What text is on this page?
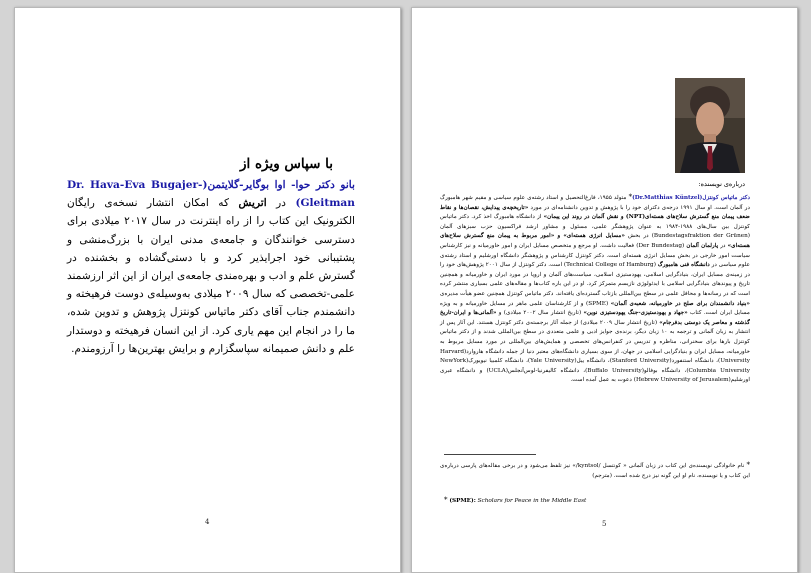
با سپاس ویژه از
بانو دکتر حوا- اوا بوگایر-گلایتمن(Dr. Hava-Eva Bugajer-Gleitman) در اتریش که امکان انتشار نسخه‌ی رایگان الکترونیک این کتاب را از راه اینترنت در سال ۲۰۱۷ میلادی برای دسترسی خوانندگان و جامعه‌ی مدنی ایران با بزرگ‌منشی و پشتیبانی خود اجرایذیر کرد و با دستی‌گشاده و بخشنده در گسترش علم و ادب و بهره‌مندی جامعه‌ی ایران از این اثر ارزشمند علمی-تخصصی که سال ۲۰۰۹ میلادی به‌وسیله‌ی دوست فرهیخته و دانشمندم جناب آقای دکتر ماتیاس کونتزل پژوهش و تدوین شده، ما را در انجام این مهم یاری کرد. از این انسان فرهیخته و دوستدار علم و دانش صمیمانه سپاسگزارم و برایش بهترین‌ها را آرزومندم.
4
درباره‌ی نویسنده:
دکتر ماتیاس کونتزل(Dr.Matthias Küntzel)* متولد ۱۹۵۵، فارغ‌التحصیل و استاد رشته‌ی علوم سیاسی و مقیم شهر هامبورگ در آلمان است. او سال ۱۹۹۱ درجه‌ی دکترای خود را با پژوهش و تدوین دانشنامه‌ای در مورد «تاریخچه‌ی پیدایش، نقصان‌ها و نقاط ضعف پیمان منع گسترش سلاح‌های هسته‌ای(NPT) و نقش آلمان در روند این پیمان» از دانشگاه هامبورگ اخذ کرد. دکتر ماتیاس کونتزل بین سال‌های ۱۹۸۸-۱۹۸۴ به عنوان پژوهشگر علمی، مسئول و مشاور ارشد فراکسیون حزب سبزهای آلمان (Bundestagsfraktion der Grünen) در بخش «مسایل انرژی هسته‌ای» و «امور مربوط به پیمان منع گسترش سلاح‌های هسته‌ای» در پارلمان آلمان (Der Bundestag) فعالیت داشت. او مرجع و متخصص مسایل ایران و امور خاورمیانه و نیز کارشناس سیاست امور خارجی در بخش مسایل انرژی هسته‌ای است. دکتر کونتزل کارشناس و پژوهشگر دانشگاه اورشلیم و استاد رشته‌ی علوم سیاسی در دانشگاه فنی هامبورگ (Technical College of Hamburg) است. دکتر کونتزل از سال ۲۰۰۱ پژوهش‌های خود را در زمینه‌ی مسایل ایران، بنیادگرایی اسلامی، یهودستیزی اسلامی، سیاست‌های آلمان و اروپا در مورد ایران و خاورمیانه و همچنین تاریخ و پیوندهای بنیادگرایی اسلامی با ایدئولوژی نازیسم متمرکز کرد. او در این باره کتاب‌ها و مقاله‌های علمی بسیاری منتشر کرده است که در رسانه‌ها و محافل علمی در سطح بین‌المللی بازتاب گسترده‌ای یافته‌اند. دکتر ماتیاس کونتزل همچنین عضو هیأت مدیره‌ی «بنیاد دانشمندان برای صلح در خاورمیانه، شعبه‌ی آلمان» (SPME) و از کارشناسان علمی ماهر در مسایل خاورمیانه و به ویژه مسایل ایران است. کتاب «جهاد و یهودستیزی-جنگ یهودستیزی نوین» (تاریخ انتشار سال ۲۰۰۲ میلادی) و «آلمانی‌ها و ایران-تاریخ گذشته و معاصر یک دوستی بدفرجام» (تاریخ انتشار سال ۲۰۰۹ میلادی) از جمله آثار برجسته‌ی دکتر کونتزل هستند. این آثار پس از انتشار به زبان آلمانی و ترجمه به ۱۰ زبان دیگر، برنده‌ی جوایز ادبی و علمی متعددی در سطح بین‌المللی شدند و از دکتر ماتیاس کونتزل بارها برای سخنرانی، مناظره و تدریس در کنفرانس‌های تخصصی و همایش‌های بین‌المللی در مورد مسایل مربوط به خاورمیانه، مسایل ایران و بنیادگرایی اسلامی در جهان، از سوی بسیاری دانشگاه‌های معتبر دنیا از جمله دانشگاه هاروارد(Harvard University)، دانشگاه استنفورد(Stanford University)، دانشگاه ییل(Yale University)، دانشگاه کلمبیا نیویورک(NewYork Columbia University)، دانشگاه بوفالو(Buffalo University)، دانشگاه کالیفرنیا-لوس‌آنجلس(UCLA) و دانشگاه عبری اورشلیم(Hebrew University of Jerusalem) دعوت به عمل آمده است.
* نام خانوادگی نویسنده‌ی این کتاب در زبان آلمانی « کونتسل /kyntsol/» نیز تلفظ می‌شود و در برخی مقاله‌های پارسی درباره‌ی این کتاب و یا نویسنده، نام او این گونه نیز درج شده است. (مترجم)
* (SPME): Scholars for Peace in the Middle East
5
